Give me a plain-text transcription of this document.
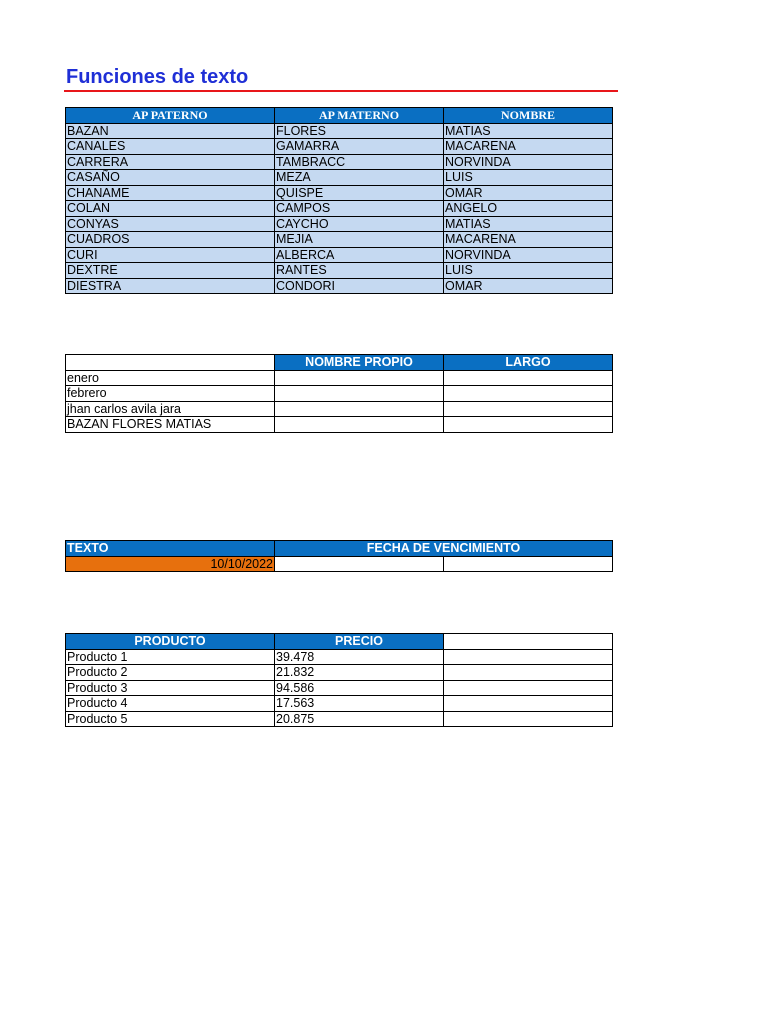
Funciones de texto
AP PATERNO	AP MATERNO	NOMBRE
BAZAN	FLORES	MATIAS
CANALES	GAMARRA	MACARENA
CARRERA	TAMBRACC	NORVINDA
CASAÑO	MEZA	LUIS
CHANAME	QUISPE	OMAR
COLAN	CAMPOS	ANGELO
CONYAS	CAYCHO	MATIAS
CUADROS	MEJIA	MACARENA
CURI	ALBERCA	NORVINDA
DEXTRE	RANTES	LUIS
DIESTRA	CONDORI	OMAR
	NOMBRE PROPIO	LARGO
enero		
febrero		
jhan carlos avila jara		
BAZAN FLORES MATIAS		
TEXTO	FECHA DE VENCIMIENTO	
10/10/2022		
PRODUCTO	PRECIO	
Producto 1	39.478	
Producto 2	21.832	
Producto 3	94.586	
Producto 4	17.563	
Producto 5	20.875	
